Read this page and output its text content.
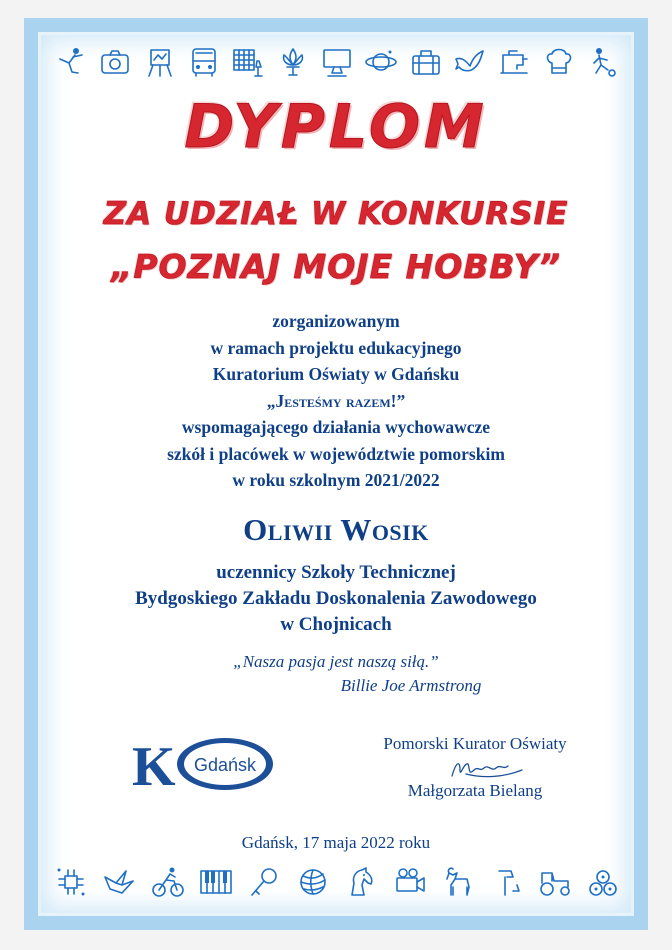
DYPLOM
ZA UDZIAŁ W KONKURSIE
„POZNAJ MOJE HOBBY”
zorganizowanym
w ramach projektu edukacyjnego
Kuratorium Oświaty w Gdańsku
„Jesteśmy razem!”
wspomagającego działania wychowawcze
szkół i placówek w województwie pomorskim
w roku szkolnym 2021/2022
Oliwii Wosik
uczennicy Szkoły Technicznej
Bydgoskiego Zakładu Doskonalenia Zawodowego
w Chojnicach
„Nasza pasja jest naszą siłą.”
Billie Joe Armstrong
K Gdańsk
Pomorski Kurator Oświaty
Małgorzata Bielang
Gdańsk, 17 maja 2022 roku
